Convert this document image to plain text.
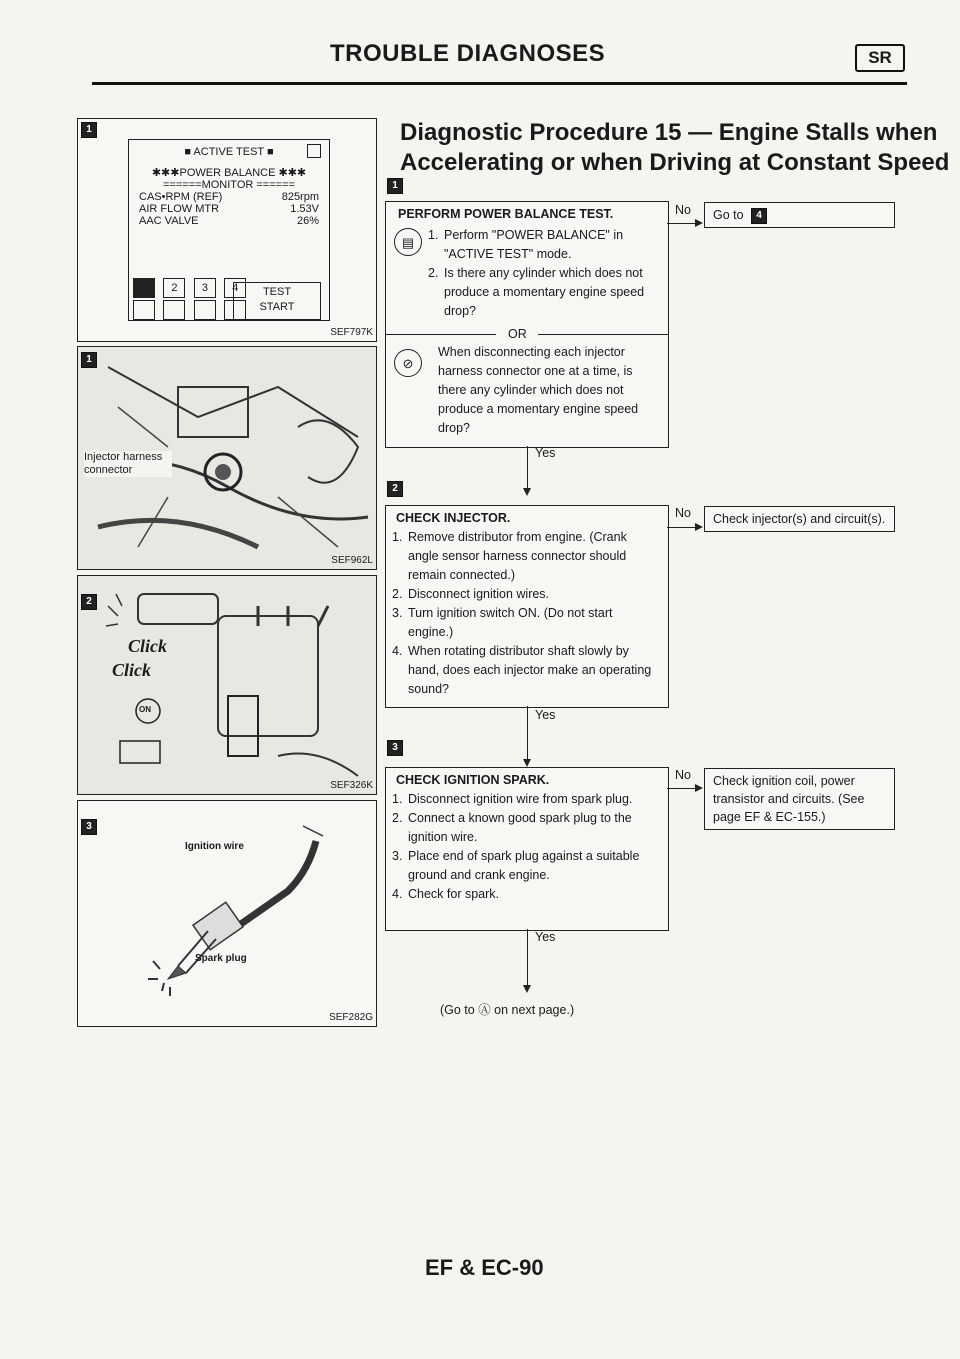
TROUBLE DIAGNOSES	SR
Diagnostic Procedure 15 — Engine Stalls when
Accelerating or when Driving at Constant Speed
1
1
■ ACTIVE TEST ■
✱✱✱POWER BALANCE ✱✱✱
======MONITOR ======
CAS•RPM (REF)	825rpm
AIR FLOW MTR	1.53V
AAC VALVE	26%
1 2 3 4
	TEST
START
SEF797K
1
Injector harness connector
SEF962L
2
Click
Click
ON
SEF326K
3
Ignition wire
Spark plug
SEF282G
PERFORM POWER BALANCE TEST.
▤	1. Perform "POWER BALANCE" in "ACTIVE TEST" mode.
2. Is there any cylinder which does not produce a momentary engine speed drop?
OR
⊘
When disconnecting each injector harness connector one at a time, is there any cylinder which does not produce a momentary engine speed drop?
No	Go to 4
Yes
2
CHECK INJECTOR.
1. Remove distributor from engine. (Crank angle sensor harness connector should remain connected.)
2. Disconnect ignition wires.
3. Turn ignition switch ON. (Do not start engine.)
4. When rotating distributor shaft slowly by hand, does each injector make an operating sound?
No	Check injector(s) and circuit(s).
Yes
3
CHECK IGNITION SPARK.
1. Disconnect ignition wire from spark plug.
2. Connect a known good spark plug to the ignition wire.
3. Place end of spark plug against a suitable ground and crank engine.
4. Check for spark.
No	Check ignition coil, power transistor and circuits. (See page EF & EC-155.)
Yes
(Go to Ⓐ on next page.)
EF & EC-90
